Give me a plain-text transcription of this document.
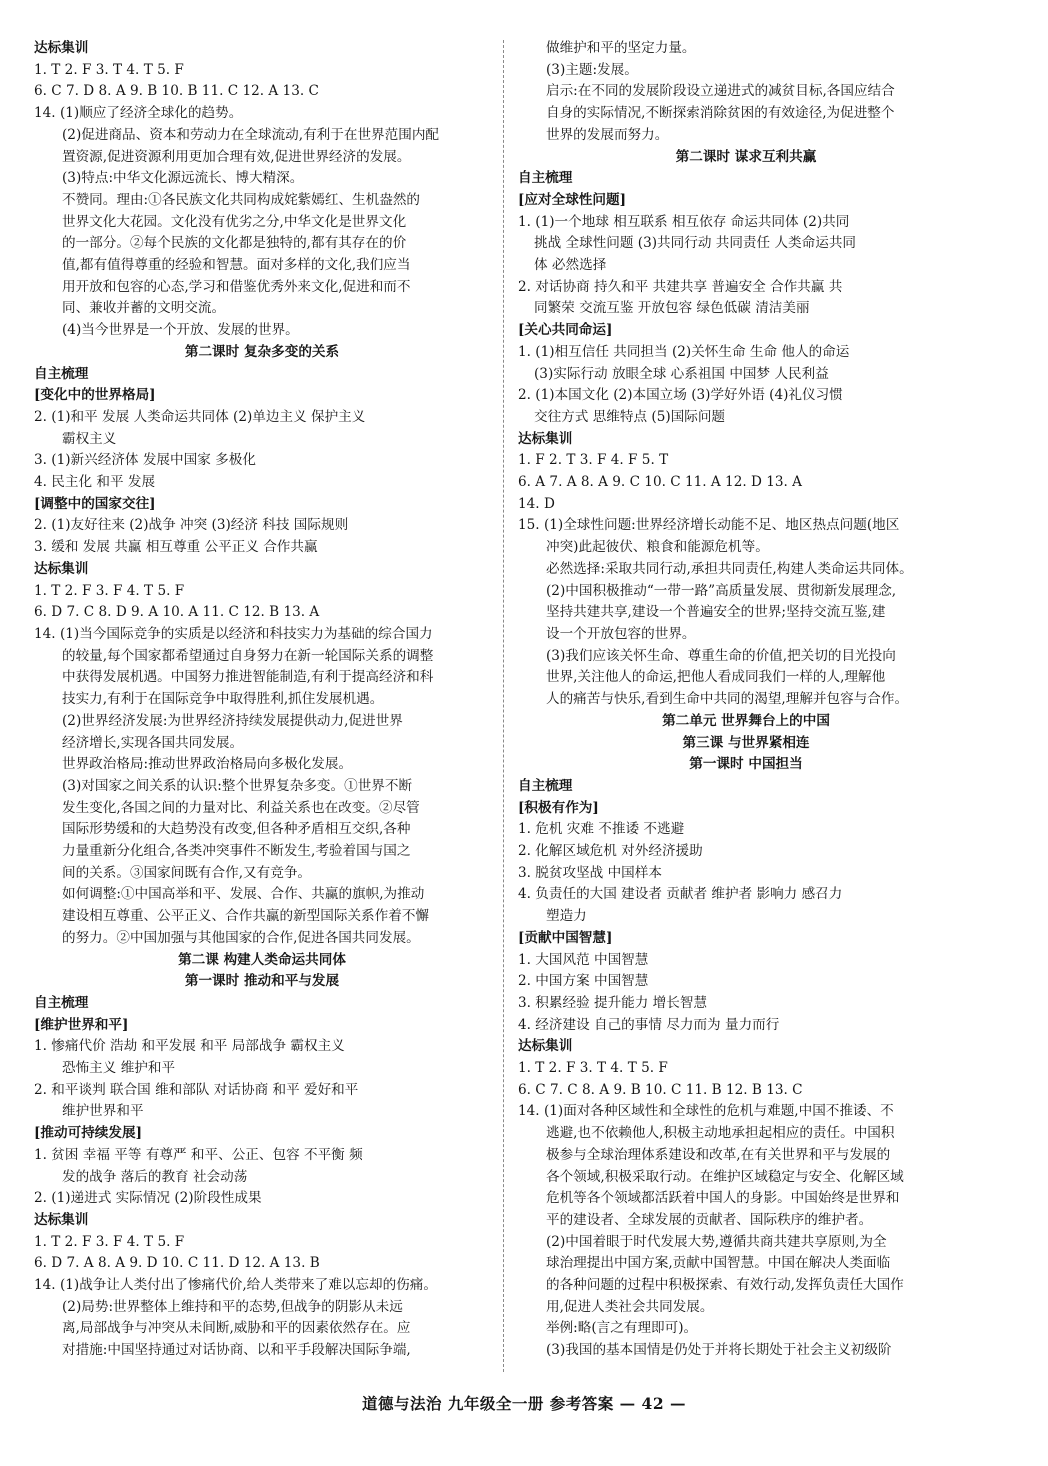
达标集训
1. T 2. F 3. T 4. T 5. F
6. C 7. D 8. A 9. B 10. B 11. C 12. A 13. C
14. (1)顺应了经济全球化的趋势。
(2)促进商品、资本和劳动力在全球流动,有利于在世界范围内配
置资源,促进资源利用更加合理有效,促进世界经济的发展。
(3)特点:中华文化源远流长、博大精深。
不赞同。理由:①各民族文化共同构成姹紫嫣红、生机盎然的
世界文化大花园。文化没有优劣之分,中华文化是世界文化
的一部分。②每个民族的文化都是独特的,都有其存在的价
值,都有值得尊重的经验和智慧。面对多样的文化,我们应当
用开放和包容的心态,学习和借鉴优秀外来文化,促进和而不
同、兼收并蓄的文明交流。
(4)当今世界是一个开放、发展的世界。
第二课时 复杂多变的关系
自主梳理
[变化中的世界格局]
2. (1)和平 发展 人类命运共同体 (2)单边主义 保护主义
霸权主义
3. (1)新兴经济体 发展中国家 多极化
4. 民主化 和平 发展
[调整中的国家交往]
2. (1)友好往来 (2)战争 冲突 (3)经济 科技 国际规则
3. 缓和 发展 共赢 相互尊重 公平正义 合作共赢
达标集训
1. T 2. F 3. F 4. T 5. F
6. D 7. C 8. D 9. A 10. A 11. C 12. B 13. A
14. (1)当今国际竞争的实质是以经济和科技实力为基础的综合国力
的较量,每个国家都希望通过自身努力在新一轮国际关系的调整
中获得发展机遇。中国努力推进智能制造,有利于提高经济和科
技实力,有利于在国际竞争中取得胜利,抓住发展机遇。
(2)世界经济发展:为世界经济持续发展提供动力,促进世界
经济增长,实现各国共同发展。
世界政治格局:推动世界政治格局向多极化发展。
(3)对国家之间关系的认识:整个世界复杂多变。①世界不断
发生变化,各国之间的力量对比、利益关系也在改变。②尽管
国际形势缓和的大趋势没有改变,但各种矛盾相互交织,各种
力量重新分化组合,各类冲突事件不断发生,考验着国与国之
间的关系。③国家间既有合作,又有竞争。
如何调整:①中国高举和平、发展、合作、共赢的旗帜,为推动
建设相互尊重、公平正义、合作共赢的新型国际关系作着不懈
的努力。②中国加强与其他国家的合作,促进各国共同发展。
第二课 构建人类命运共同体
第一课时 推动和平与发展
自主梳理
[维护世界和平]
1. 惨痛代价 浩劫 和平发展 和平 局部战争 霸权主义
恐怖主义 维护和平
2. 和平谈判 联合国 维和部队 对话协商 和平 爱好和平
维护世界和平
[推动可持续发展]
1. 贫困 幸福 平等 有尊严 和平、公正、包容 不平衡 频
发的战争 落后的教育 社会动荡
2. (1)递进式 实际情况 (2)阶段性成果
达标集训
1. T 2. F 3. F 4. T 5. F
6. D 7. A 8. A 9. D 10. C 11. D 12. A 13. B
14. (1)战争让人类付出了惨痛代价,给人类带来了难以忘却的伤痛。
(2)局势:世界整体上维持和平的态势,但战争的阴影从未远
离,局部战争与冲突从未间断,威胁和平的因素依然存在。应
对措施:中国坚持通过对话协商、以和平手段解决国际争端,
做维护和平的坚定力量。
(3)主题:发展。
启示:在不同的发展阶段设立递进式的减贫目标,各国应结合
自身的实际情况,不断探索消除贫困的有效途径,为促进整个
世界的发展而努力。
第二课时 谋求互利共赢
自主梳理
[应对全球性问题]
1. (1)一个地球 相互联系 相互依存 命运共同体 (2)共同
挑战 全球性问题 (3)共同行动 共同责任 人类命运共同
体 必然选择
2. 对话协商 持久和平 共建共享 普遍安全 合作共赢 共
同繁荣 交流互鉴 开放包容 绿色低碳 清洁美丽
[关心共同命运]
1. (1)相互信任 共同担当 (2)关怀生命 生命 他人的命运
(3)实际行动 放眼全球 心系祖国 中国梦 人民利益
2. (1)本国文化 (2)本国立场 (3)学好外语 (4)礼仪习惯
交往方式 思维特点 (5)国际问题
达标集训
1. F 2. T 3. F 4. F 5. T
6. A 7. A 8. A 9. C 10. C 11. A 12. D 13. A
14. D
15. (1)全球性问题:世界经济增长动能不足、地区热点问题(地区
冲突)此起彼伏、粮食和能源危机等。
必然选择:采取共同行动,承担共同责任,构建人类命运共同体。
(2)中国积极推动“一带一路”高质量发展、贯彻新发展理念,
坚持共建共享,建设一个普遍安全的世界;坚持交流互鉴,建
设一个开放包容的世界。
(3)我们应该关怀生命、尊重生命的价值,把关切的目光投向
世界,关注他人的命运,把他人看成同我们一样的人,理解他
人的痛苦与快乐,看到生命中共同的渴望,理解并包容与合作。
第二单元 世界舞台上的中国
第三课 与世界紧相连
第一课时 中国担当
自主梳理
[积极有作为]
1. 危机 灾难 不推诿 不逃避
2. 化解区域危机 对外经济援助
3. 脱贫攻坚战 中国样本
4. 负责任的大国 建设者 贡献者 维护者 影响力 感召力
塑造力
[贡献中国智慧]
1. 大国风范 中国智慧
2. 中国方案 中国智慧
3. 积累经验 提升能力 增长智慧
4. 经济建设 自己的事情 尽力而为 量力而行
达标集训
1. T 2. F 3. T 4. T 5. F
6. C 7. C 8. A 9. B 10. C 11. B 12. B 13. C
14. (1)面对各种区域性和全球性的危机与难题,中国不推诿、不
逃避,也不依赖他人,积极主动地承担起相应的责任。中国积
极参与全球治理体系建设和改革,在有关世界和平与发展的
各个领域,积极采取行动。在维护区域稳定与安全、化解区域
危机等各个领域都活跃着中国人的身影。中国始终是世界和
平的建设者、全球发展的贡献者、国际秩序的维护者。
(2)中国着眼于时代发展大势,遵循共商共建共享原则,为全
球治理提出中国方案,贡献中国智慧。中国在解决人类面临
的各种问题的过程中积极探索、有效行动,发挥负责任大国作
用,促进人类社会共同发展。
举例:略(言之有理即可)。
(3)我国的基本国情是仍处于并将长期处于社会主义初级阶
道德与法治 九年级全一册 参考答案 — 42 —
